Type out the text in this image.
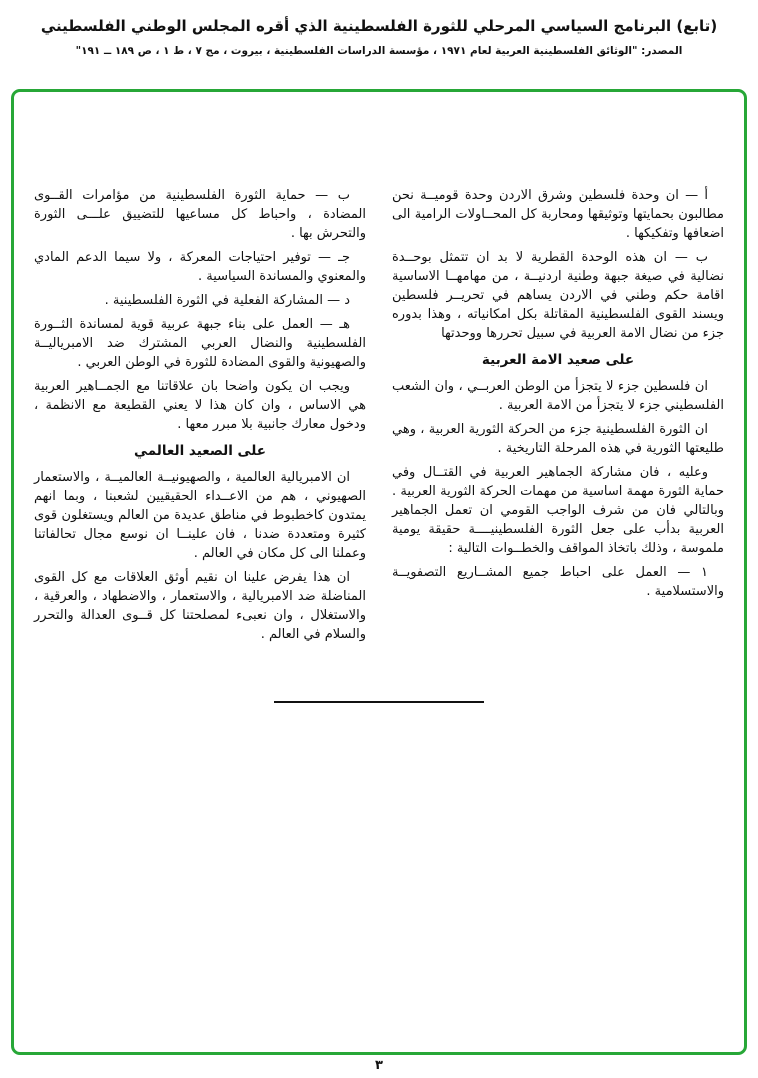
(تابع) البرنامج السياسي المرحلي للثورة الفلسطينية الذي أقره المجلس الوطني الفلسطيني
المصدر: "الوثائق الفلسطينية العربية لعام ١٩٧١ ، مؤسسة الدراسات الفلسطينية ، بيروت ، مج ٧ ، ط ١ ، ص ١٨٩ ــ ١٩١"

أ — ان وحدة فلسطين وشرق الاردن وحدة قوميــة نحن مطالبون بحمايتها وتوثيقها ومحاربة كل المحــاولات الرامية الى اضعافها وتفكيكها .

ب — ان هذه الوحدة القطرية لا بد ان تتمثل بوحــدة نضالية في صيغة جبهة وطنية اردنيــة ، من مهامهــا الاساسية اقامة حكم وطني في الاردن يساهم في تحريــر فلسطين ويسند القوى الفلسطينية المقاتلة بكل امكانياته ، وهذا بدوره جزء من نضال الامة العربية في سبيل تحررها ووحدتها

على صعيد الامة العربية

ان فلسطين جزء لا يتجزأ من الوطن العربــي ، وان الشعب الفلسطيني جزء لا يتجزأ من الامة العربية .

ان الثورة الفلسطينية جزء من الحركة الثورية العربية ، وهي طليعتها الثورية في هذه المرحلة التاريخية .

وعليه ، فان مشاركة الجماهير العربية في القتــال وفي حماية الثورة مهمة اساسية من مهمات الحركة الثورية العربية . وبالتالي فان من شرف الواجب القومي ان تعمل الجماهير العربية بدأب على جعل الثورة الفلسطينيــــة حقيقة يومية ملموسة ، وذلك باتخاذ المواقف والخطــوات التالية :

١ — العمل على احباط جميع المشــاريع التصفويــة والاستسلامية .

ب — حماية الثورة الفلسطينية من مؤامرات القــوى المضادة ، واحباط كل مساعيها للتضييق علـــى الثورة والتحرش بها .

جـ — توفير احتياجات المعركة ، ولا سيما الدعم المادي والمعنوي والمساندة السياسية .

د — المشاركة الفعلية في الثورة الفلسطينية .

هـ — العمل على بناء جبهة عربية قوية لمساندة الثــورة الفلسطينية والنضال العربي المشترك ضد الامبرياليــة والصهيونية والقوى المضادة للثورة في الوطن العربي .

ويجب ان يكون واضحا بان علاقاتنا مع الجمــاهير العربية هي الاساس ، وان كان هذا لا يعني القطيعة مع الانظمة ، ودخول معارك جانبية بلا مبرر معها .

على الصعيد العالمي

ان الامبريالية العالمية ، والصهيونيــة العالميــة ، والاستعمار الصهيوني ، هم من الاعــداء الحقيقيين لشعبنا ، وبما انهم يمتدون كاخطبوط في مناطق عديدة من العالم ويستغلون قوى كثيرة ومتعددة ضدنا ، فان علينــا ان نوسع مجال تحالفاتنا وعملنا الى كل مكان في العالم .

ان هذا يفرض علينا ان نقيم أوثق العلاقات مع كل القوى المناضلة ضد الامبريالية ، والاستعمار ، والاضطهاد ، والعرقية ، والاستغلال ، وان نعبىء لمصلحتنا كل قــوى العدالة والتحرر والسلام في العالم .

٣
